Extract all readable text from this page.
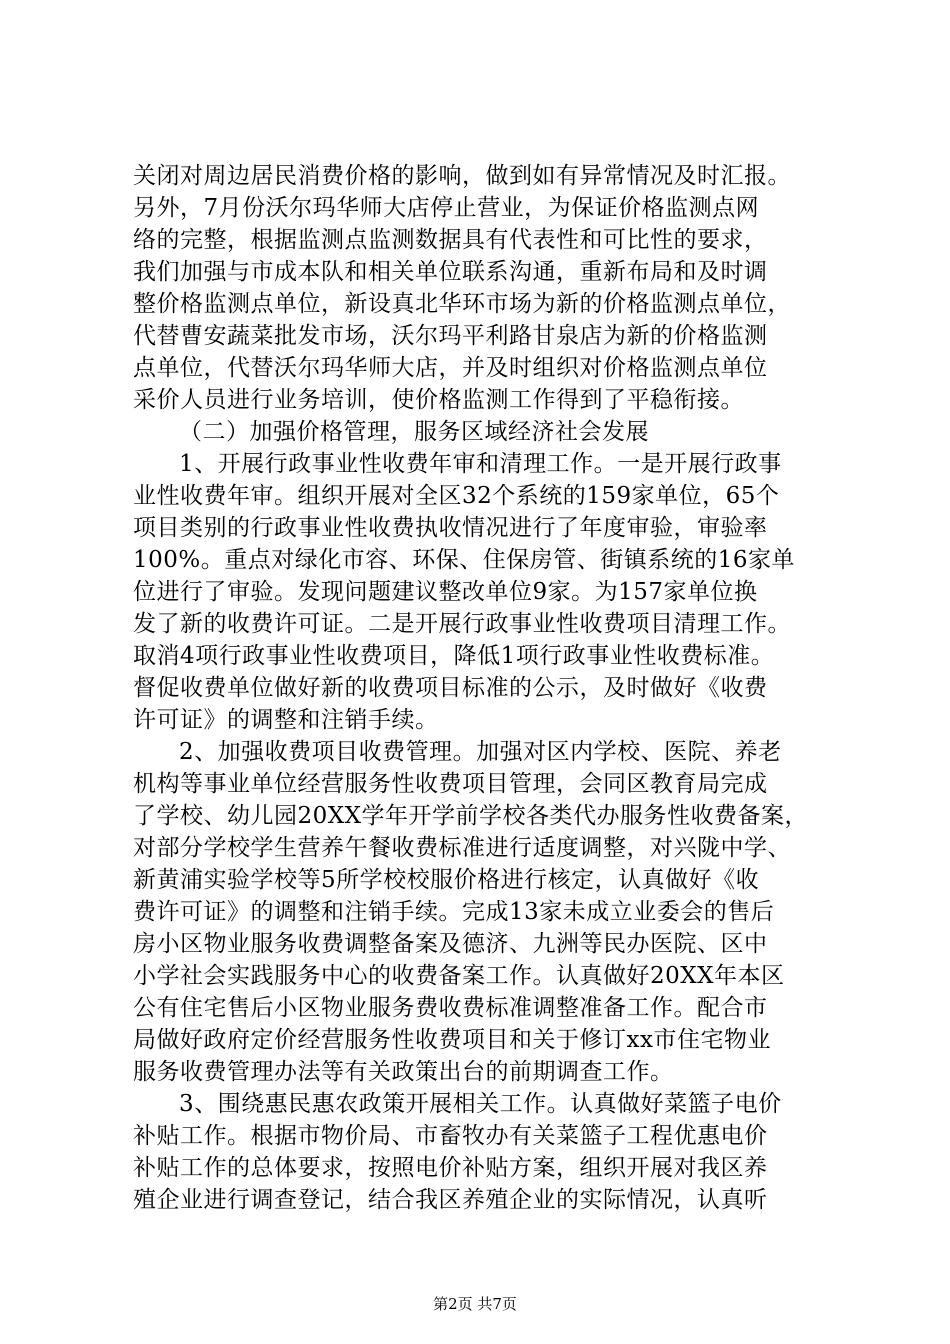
关闭对周边居民消费价格的影响，做到如有异常情况及时汇报。
另外，7月份沃尔玛华师大店停止营业，为保证价格监测点网
络的完整，根据监测点监测数据具有代表性和可比性的要求，
我们加强与市成本队和相关单位联系沟通，重新布局和及时调
整价格监测点单位，新设真北华环市场为新的价格监测点单位，
代替曹安蔬菜批发市场，沃尔玛平利路甘泉店为新的价格监测
点单位，代替沃尔玛华师大店，并及时组织对价格监测点单位
采价人员进行业务培训，使价格监测工作得到了平稳衔接。
（二）加强价格管理，服务区域经济社会发展
1、开展行政事业性收费年审和清理工作。一是开展行政事
业性收费年审。组织开展对全区32个系统的159家单位，65个
项目类别的行政事业性收费执收情况进行了年度审验，审验率
100%。重点对绿化市容、环保、住保房管、街镇系统的16家单
位进行了审验。发现问题建议整改单位9家。为157家单位换
发了新的收费许可证。二是开展行政事业性收费项目清理工作。
取消4项行政事业性收费项目，降低1项行政事业性收费标准。
督促收费单位做好新的收费项目标准的公示，及时做好《收费
许可证》的调整和注销手续。
2、加强收费项目收费管理。加强对区内学校、医院、养老
机构等事业单位经营服务性收费项目管理，会同区教育局完成
了学校、幼儿园20XX学年开学前学校各类代办服务性收费备案，
对部分学校学生营养午餐收费标准进行适度调整，对兴陇中学、
新黄浦实验学校等5所学校校服价格进行核定，认真做好《收
费许可证》的调整和注销手续。完成13家未成立业委会的售后
房小区物业服务收费调整备案及德济、九洲等民办医院、区中
小学社会实践服务中心的收费备案工作。认真做好20XX年本区
公有住宅售后小区物业服务费收费标准调整准备工作。配合市
局做好政府定价经营服务性收费项目和关于修订xx市住宅物业
服务收费管理办法等有关政策出台的前期调查工作。
3、围绕惠民惠农政策开展相关工作。认真做好菜篮子电价
补贴工作。根据市物价局、市畜牧办有关菜篮子工程优惠电价
补贴工作的总体要求，按照电价补贴方案，组织开展对我区养
殖企业进行调查登记，结合我区养殖企业的实际情况，认真听
第2页 共7页
